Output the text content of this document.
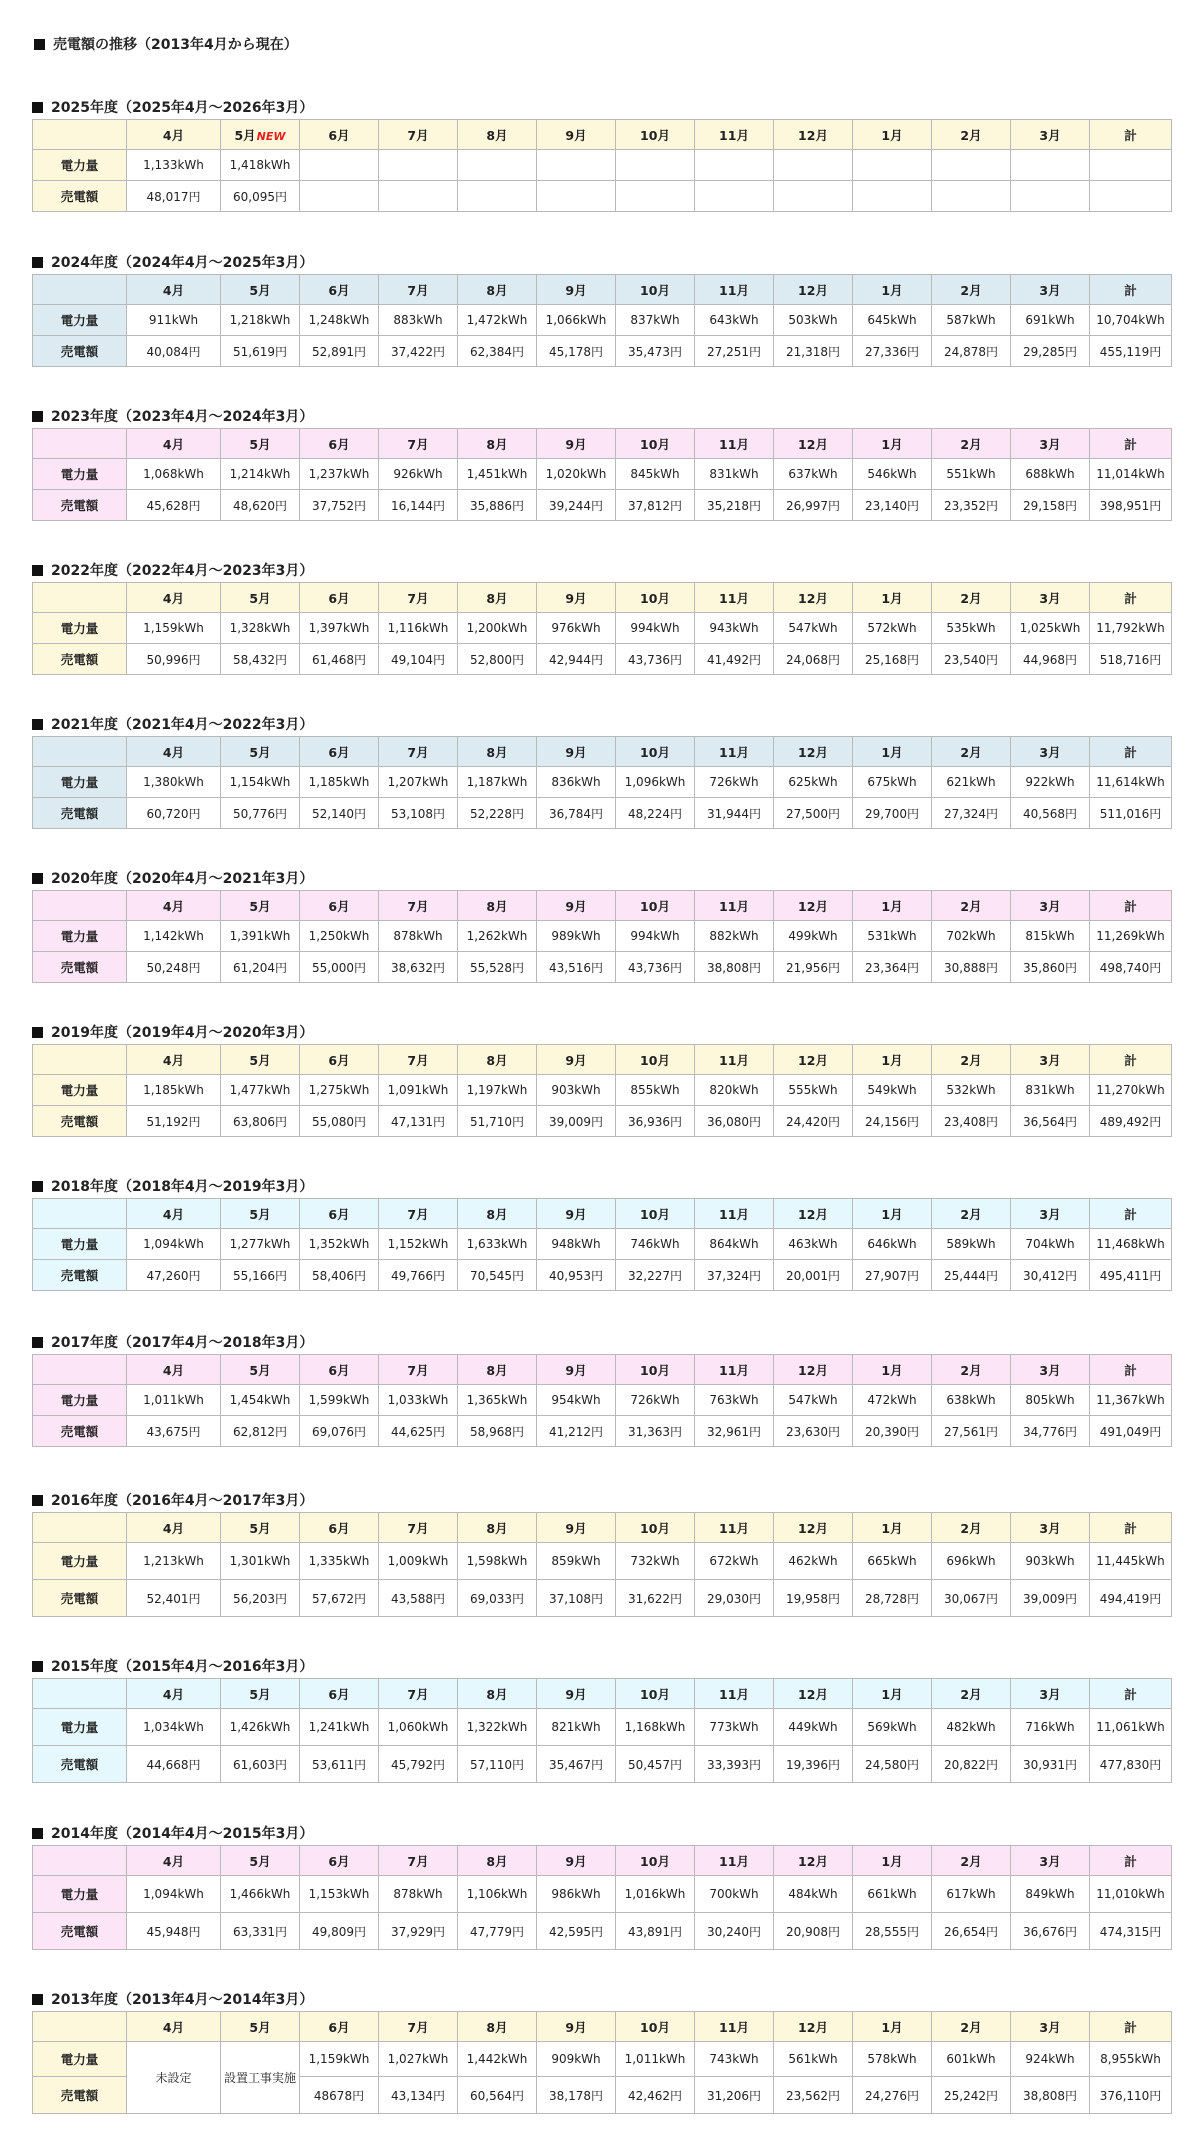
売電額の推移（2013年4月から現在）
2025年度（2025年4月～2026年3月）
	4月	5月NEW	6月	7月	8月	9月	10月	11月	12月	1月	2月	3月	計
電力量	1,133kWh	1,418kWh											
売電額	48,017円	60,095円											
2024年度（2024年4月～2025年3月）
	4月	5月	6月	7月	8月	9月	10月	11月	12月	1月	2月	3月	計
電力量	911kWh	1,218kWh	1,248kWh	883kWh	1,472kWh	1,066kWh	837kWh	643kWh	503kWh	645kWh	587kWh	691kWh	10,704kWh
売電額	40,084円	51,619円	52,891円	37,422円	62,384円	45,178円	35,473円	27,251円	21,318円	27,336円	24,878円	29,285円	455,119円
2023年度（2023年4月～2024年3月）
	4月	5月	6月	7月	8月	9月	10月	11月	12月	1月	2月	3月	計
電力量	1,068kWh	1,214kWh	1,237kWh	926kWh	1,451kWh	1,020kWh	845kWh	831kWh	637kWh	546kWh	551kWh	688kWh	11,014kWh
売電額	45,628円	48,620円	37,752円	16,144円	35,886円	39,244円	37,812円	35,218円	26,997円	23,140円	23,352円	29,158円	398,951円
2022年度（2022年4月～2023年3月）
	4月	5月	6月	7月	8月	9月	10月	11月	12月	1月	2月	3月	計
電力量	1,159kWh	1,328kWh	1,397kWh	1,116kWh	1,200kWh	976kWh	994kWh	943kWh	547kWh	572kWh	535kWh	1,025kWh	11,792kWh
売電額	50,996円	58,432円	61,468円	49,104円	52,800円	42,944円	43,736円	41,492円	24,068円	25,168円	23,540円	44,968円	518,716円
2021年度（2021年4月～2022年3月）
	4月	5月	6月	7月	8月	9月	10月	11月	12月	1月	2月	3月	計
電力量	1,380kWh	1,154kWh	1,185kWh	1,207kWh	1,187kWh	836kWh	1,096kWh	726kWh	625kWh	675kWh	621kWh	922kWh	11,614kWh
売電額	60,720円	50,776円	52,140円	53,108円	52,228円	36,784円	48,224円	31,944円	27,500円	29,700円	27,324円	40,568円	511,016円
2020年度（2020年4月～2021年3月）
	4月	5月	6月	7月	8月	9月	10月	11月	12月	1月	2月	3月	計
電力量	1,142kWh	1,391kWh	1,250kWh	878kWh	1,262kWh	989kWh	994kWh	882kWh	499kWh	531kWh	702kWh	815kWh	11,269kWh
売電額	50,248円	61,204円	55,000円	38,632円	55,528円	43,516円	43,736円	38,808円	21,956円	23,364円	30,888円	35,860円	498,740円
2019年度（2019年4月～2020年3月）
	4月	5月	6月	7月	8月	9月	10月	11月	12月	1月	2月	3月	計
電力量	1,185kWh	1,477kWh	1,275kWh	1,091kWh	1,197kWh	903kWh	855kWh	820kWh	555kWh	549kWh	532kWh	831kWh	11,270kWh
売電額	51,192円	63,806円	55,080円	47,131円	51,710円	39,009円	36,936円	36,080円	24,420円	24,156円	23,408円	36,564円	489,492円
2018年度（2018年4月～2019年3月）
	4月	5月	6月	7月	8月	9月	10月	11月	12月	1月	2月	3月	計
電力量	1,094kWh	1,277kWh	1,352kWh	1,152kWh	1,633kWh	948kWh	746kWh	864kWh	463kWh	646kWh	589kWh	704kWh	11,468kWh
売電額	47,260円	55,166円	58,406円	49,766円	70,545円	40,953円	32,227円	37,324円	20,001円	27,907円	25,444円	30,412円	495,411円
2017年度（2017年4月～2018年3月）
	4月	5月	6月	7月	8月	9月	10月	11月	12月	1月	2月	3月	計
電力量	1,011kWh	1,454kWh	1,599kWh	1,033kWh	1,365kWh	954kWh	726kWh	763kWh	547kWh	472kWh	638kWh	805kWh	11,367kWh
売電額	43,675円	62,812円	69,076円	44,625円	58,968円	41,212円	31,363円	32,961円	23,630円	20,390円	27,561円	34,776円	491,049円
2016年度（2016年4月～2017年3月）
	4月	5月	6月	7月	8月	9月	10月	11月	12月	1月	2月	3月	計
電力量	1,213kWh	1,301kWh	1,335kWh	1,009kWh	1,598kWh	859kWh	732kWh	672kWh	462kWh	665kWh	696kWh	903kWh	11,445kWh
売電額	52,401円	56,203円	57,672円	43,588円	69,033円	37,108円	31,622円	29,030円	19,958円	28,728円	30,067円	39,009円	494,419円
2015年度（2015年4月～2016年3月）
	4月	5月	6月	7月	8月	9月	10月	11月	12月	1月	2月	3月	計
電力量	1,034kWh	1,426kWh	1,241kWh	1,060kWh	1,322kWh	821kWh	1,168kWh	773kWh	449kWh	569kWh	482kWh	716kWh	11,061kWh
売電額	44,668円	61,603円	53,611円	45,792円	57,110円	35,467円	50,457円	33,393円	19,396円	24,580円	20,822円	30,931円	477,830円
2014年度（2014年4月～2015年3月）
	4月	5月	6月	7月	8月	9月	10月	11月	12月	1月	2月	3月	計
電力量	1,094kWh	1,466kWh	1,153kWh	878kWh	1,106kWh	986kWh	1,016kWh	700kWh	484kWh	661kWh	617kWh	849kWh	11,010kWh
売電額	45,948円	63,331円	49,809円	37,929円	47,779円	42,595円	43,891円	30,240円	20,908円	28,555円	26,654円	36,676円	474,315円
2013年度（2013年4月～2014年3月）
	4月	5月	6月	7月	8月	9月	10月	11月	12月	1月	2月	3月	計
電力量	未設定	設置工事実施	1,159kWh	1,027kWh	1,442kWh	909kWh	1,011kWh	743kWh	561kWh	578kWh	601kWh	924kWh	8,955kWh
売電額			48678円	43,134円	60,564円	38,178円	42,462円	31,206円	23,562円	24,276円	25,242円	38,808円	376,110円
